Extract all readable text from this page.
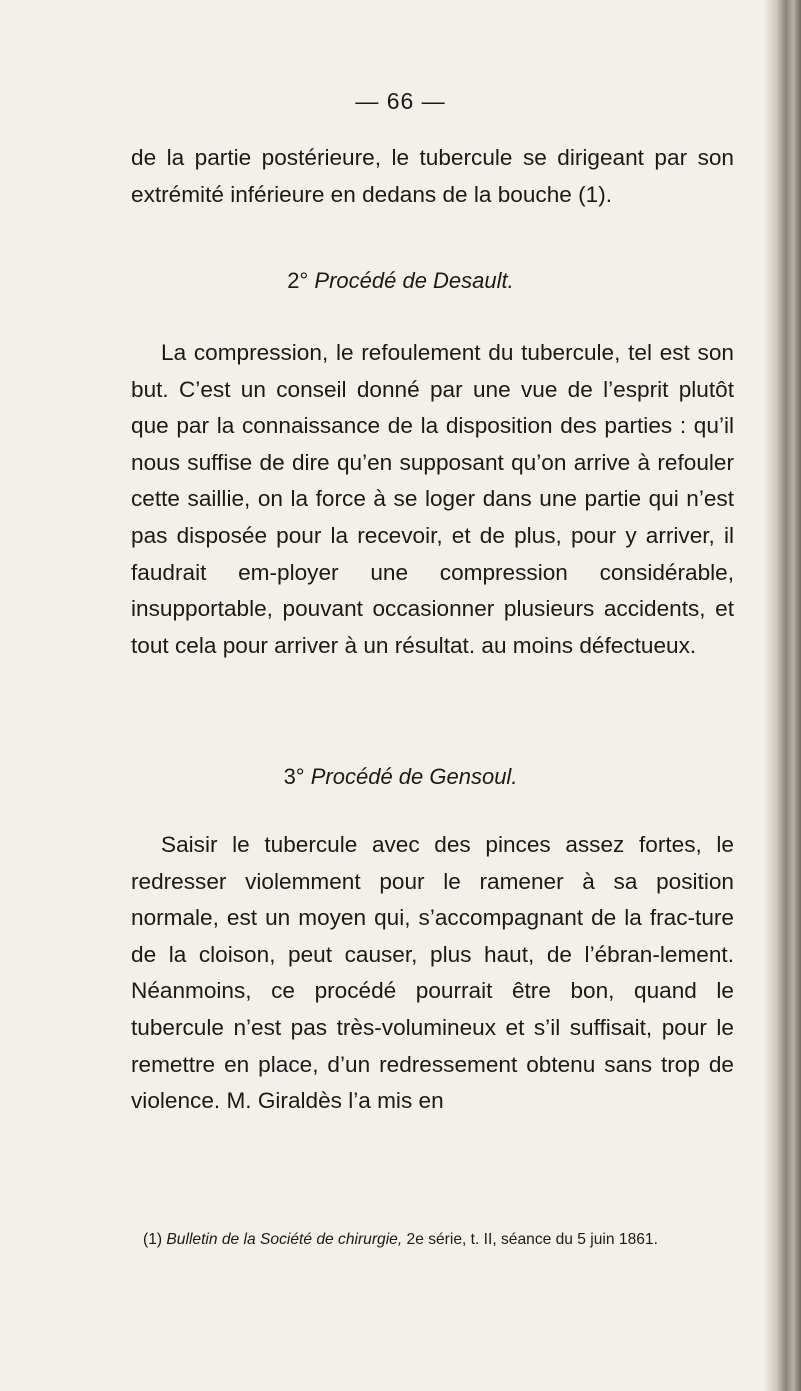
— 66 —

de la partie postérieure, le tubercule se dirigeant par son extrémité inférieure en dedans de la bouche (1).

2° Procédé de Desault.

La compression, le refoulement du tubercule, tel est son but. C’est un conseil donné par une vue de l’esprit plutôt que par la connaissance de la disposition des parties : qu’il nous suffise de dire qu’en supposant qu’on arrive à refouler cette saillie, on la force à se loger dans une partie qui n’est pas disposée pour la recevoir, et de plus, pour y arriver, il faudrait em-ployer une compression considérable, insupportable, pouvant occasionner plusieurs accidents, et tout cela pour arriver à un résultat. au moins défectueux.

3° Procédé de Gensoul.

Saisir le tubercule avec des pinces assez fortes, le redresser violemment pour le ramener à sa position normale, est un moyen qui, s’accompagnant de la frac-ture de la cloison, peut causer, plus haut, de l’ébran-lement. Néanmoins, ce procédé pourrait être bon, quand le tubercule n’est pas très-volumineux et s’il suffisait, pour le remettre en place, d’un redressement obtenu sans trop de violence. M. Giraldès l’a mis en

(1) Bulletin de la Société de chirurgie, 2e série, t. II, séance du 5 juin 1861.
